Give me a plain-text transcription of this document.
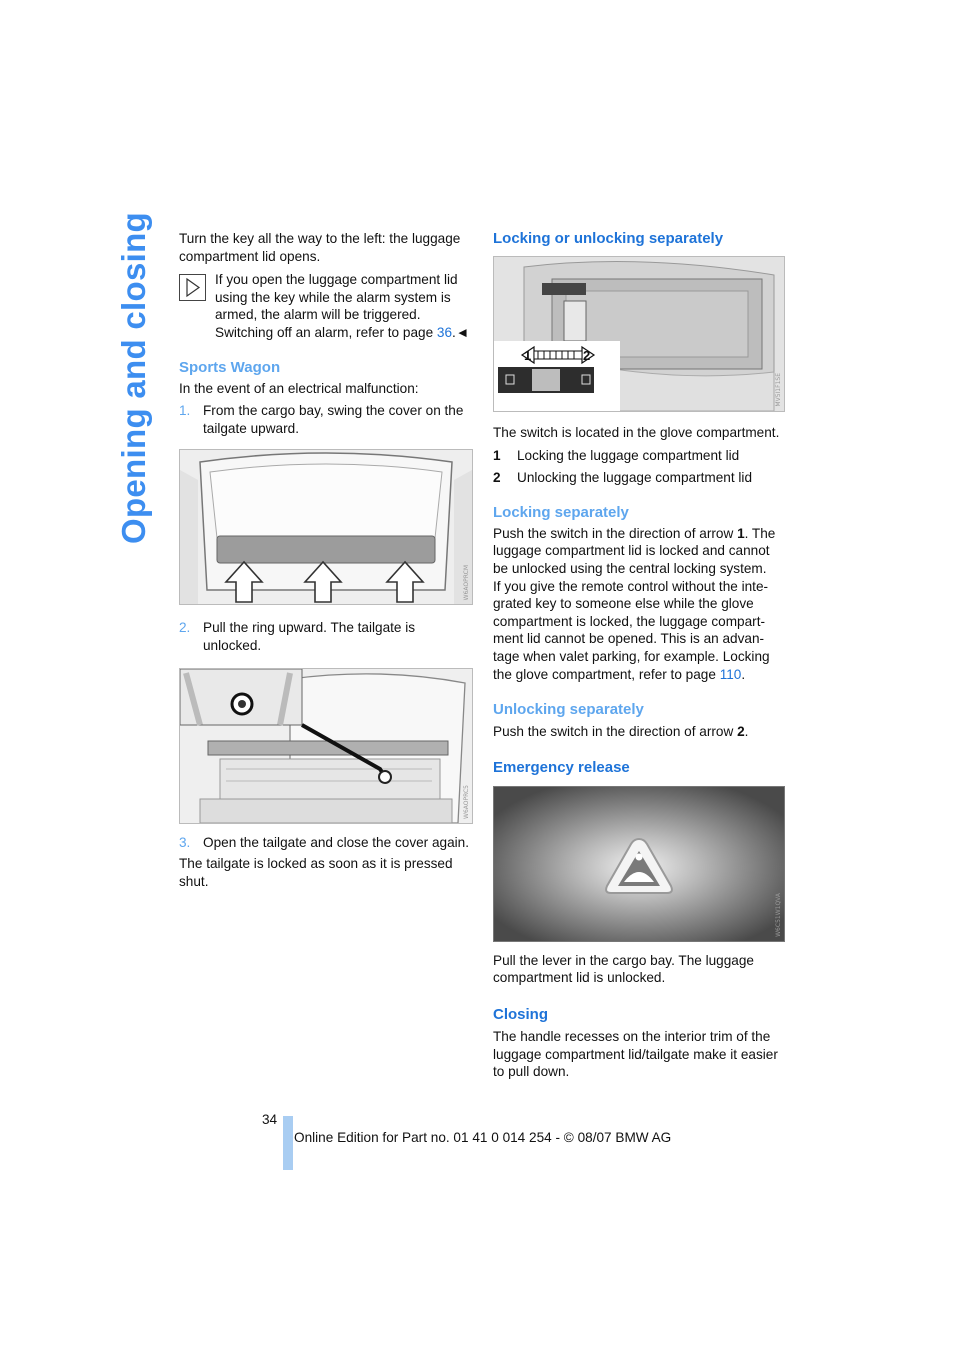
Opening and closing Turn the key all the way to the left: the luggage compartment lid opens.

If you open the luggage compartment lid using the key while the alarm system is armed, the alarm will be triggered. Switching off an alarm, refer to page 36.◄

Sports Wagon

In the event of an electrical malfunction:

1. From the cargo bay, swing the cover on the tailgate upward.
W6AOPRCM
2. Pull the ring upward. The tailgate is unlocked.
W6AOPRC5
3. Open the tailgate and close the cover again.

The tailgate is locked as soon as it is pressed shut.

Locking or unlocking separately

1	2
MV5I1F1SE

The switch is located in the glove compartment.

1	Locking the luggage compartment lid
2	Unlocking the luggage compartment lid

Locking separately

Push the switch in the direction of arrow 1. The luggage compartment lid is locked and cannot be unlocked using the central locking system.

If you give the remote control without the inte-grated key to someone else while the glove compartment is locked, the luggage compart-ment lid cannot be opened. This is an advan-tage when valet parking, for example. Locking the glove compartment, refer to page 110.

Unlocking separately

Push the switch in the direction of arrow 2.

Emergency release

W6C51W1QVA

Pull the lever in the cargo bay. The luggage compartment lid is unlocked.

Closing

The handle recesses on the interior trim of the luggage compartment lid/tailgate make it easier to pull down.

34
Online Edition for Part no. 01 41 0 014 254 - © 08/07 BMW AG
